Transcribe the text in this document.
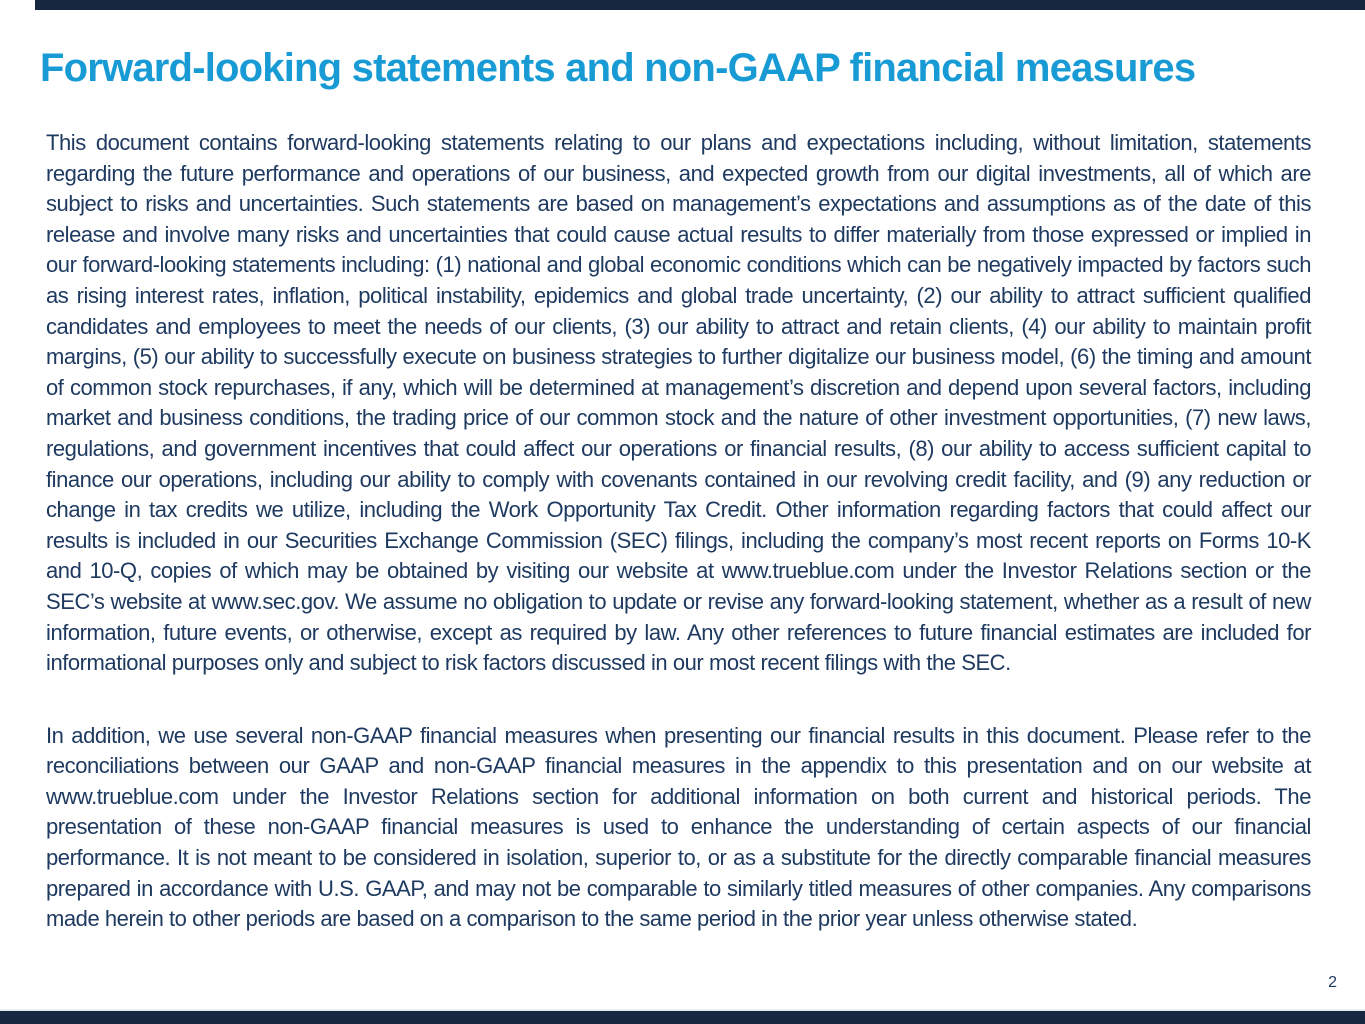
Forward-looking statements and non-GAAP financial measures

This document contains forward-looking statements relating to our plans and expectations including, without limitation, statements regarding the future performance and operations of our business, and expected growth from our digital investments, all of which are subject to risks and uncertainties. Such statements are based on management’s expectations and assumptions as of the date of this release and involve many risks and uncertainties that could cause actual results to differ materially from those expressed or implied in our forward-looking statements including: (1) national and global economic conditions which can be negatively impacted by factors such as rising interest rates, inflation, political instability, epidemics and global trade uncertainty, (2) our ability to attract sufficient qualified candidates and employees to meet the needs of our clients, (3) our ability to attract and retain clients, (4) our ability to maintain profit margins, (5) our ability to successfully execute on business strategies to further digitalize our business model, (6) the timing and amount of common stock repurchases, if any, which will be determined at management’s discretion and depend upon several factors, including market and business conditions, the trading price of our common stock and the nature of other investment opportunities, (7) new laws, regulations, and government incentives that could affect our operations or financial results, (8) our ability to access sufficient capital to finance our operations, including our ability to comply with covenants contained in our revolving credit facility, and (9) any reduction or change in tax credits we utilize, including the Work Opportunity Tax Credit. Other information regarding factors that could affect our results is included in our Securities Exchange Commission (SEC) filings, including the company’s most recent reports on Forms 10-K and 10-Q, copies of which may be obtained by visiting our website at www.trueblue.com under the Investor Relations section or the SEC’s website at www.sec.gov. We assume no obligation to update or revise any forward-looking statement, whether as a result of new information, future events, or otherwise, except as required by law. Any other references to future financial estimates are included for informational purposes only and subject to risk factors discussed in our most recent filings with the SEC.

In addition, we use several non-GAAP financial measures when presenting our financial results in this document. Please refer to the reconciliations between our GAAP and non-GAAP financial measures in the appendix to this presentation and on our website at www.trueblue.com under the Investor Relations section for additional information on both current and historical periods. The presentation of these non-GAAP financial measures is used to enhance the understanding of certain aspects of our financial performance. It is not meant to be considered in isolation, superior to, or as a substitute for the directly comparable financial measures prepared in accordance with U.S. GAAP, and may not be comparable to similarly titled measures of other companies. Any comparisons made herein to other periods are based on a comparison to the same period in the prior year unless otherwise stated.

2
